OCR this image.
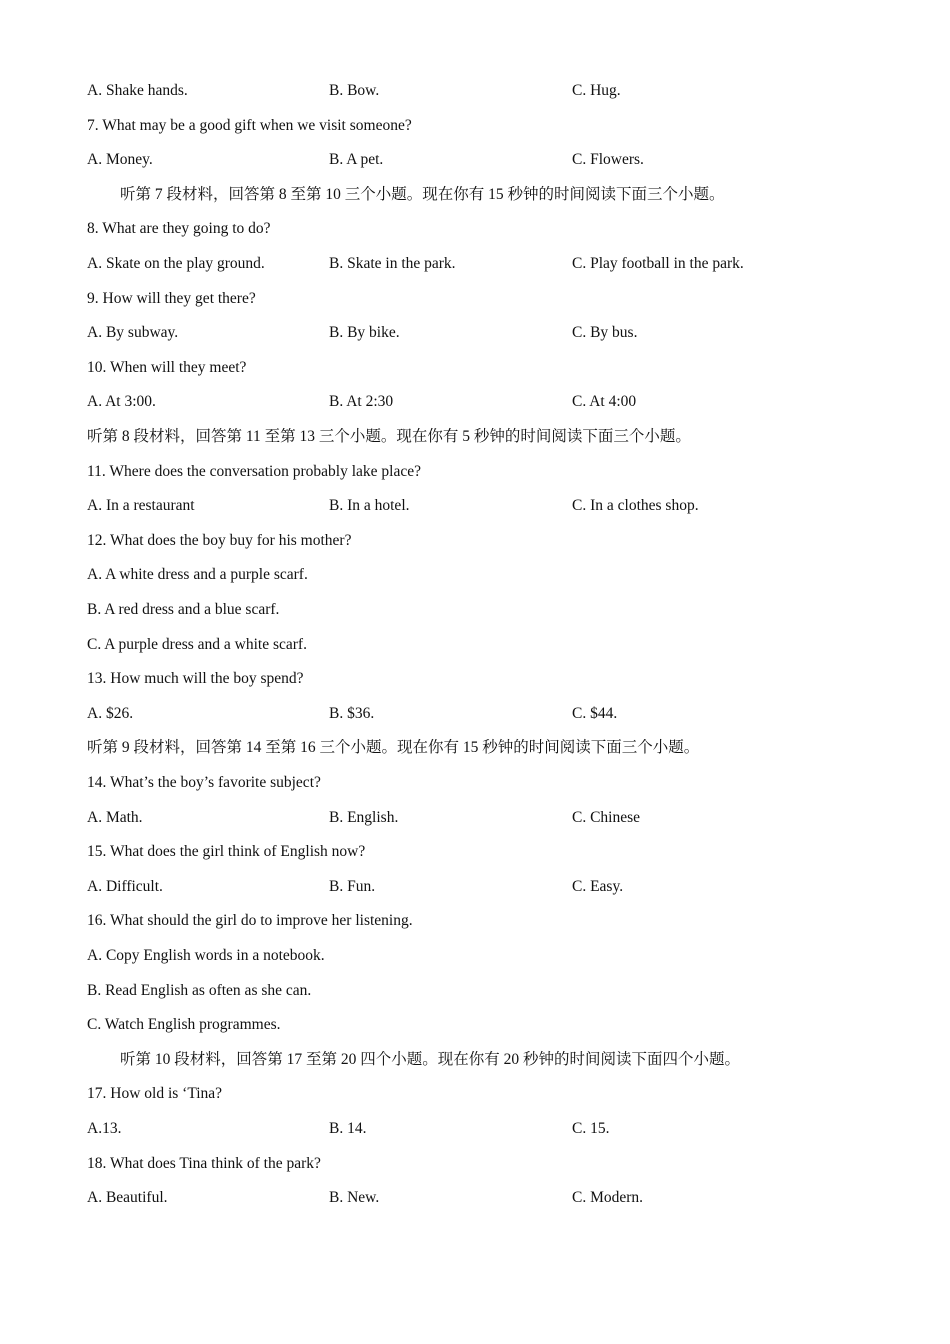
A. Shake hands.	B. Bow.	C. Hug.
7. What may be a good gift when we visit someone?
A. Money.	B. A pet.	C. Flowers.
听第 7 段材料，回答第 8 至第 10 三个小题。现在你有 15 秒钟的时间阅读下面三个小题。
8. What are they going to do?
A. Skate on the play ground.	B. Skate in the park.	C. Play football in the park.
9. How will they get there?
A. By subway.	B. By bike.	C. By bus.
10. When will they meet?
A. At 3:00.	B. At 2:30	C. At 4:00
听第 8 段材料，回答第 11 至第 13 三个小题。现在你有 5 秒钟的时间阅读下面三个小题。
11. Where does the conversation probably lake place?
A. In a restaurant	B. In a hotel.	C. In a clothes shop.
12. What does the boy buy for his mother?
A. A white dress and a purple scarf.
B. A red dress and a blue scarf.
C. A purple dress and a white scarf.
13. How much will the boy spend?
A. $26.	B. $36.	C. $44.
听第 9 段材料，回答第 14 至第 16 三个小题。现在你有 15 秒钟的时间阅读下面三个小题。
14. What’s the boy’s favorite subject?
A. Math.	B. English.	C. Chinese
15. What does the girl think of English now?
A. Difficult.	B. Fun.	C. Easy.
16. What should the girl do to improve her listening.
A. Copy English words in a notebook.
B. Read English as often as she can.
C. Watch English programmes.
听第 10 段材料，回答第 17 至第 20 四个小题。现在你有 20 秒钟的时间阅读下面四个小题。
17. How old is ‘Tina?
A.13.	B. 14.	C. 15.
18. What does Tina think of the park?
A. Beautiful.	B. New.	C. Modern.
